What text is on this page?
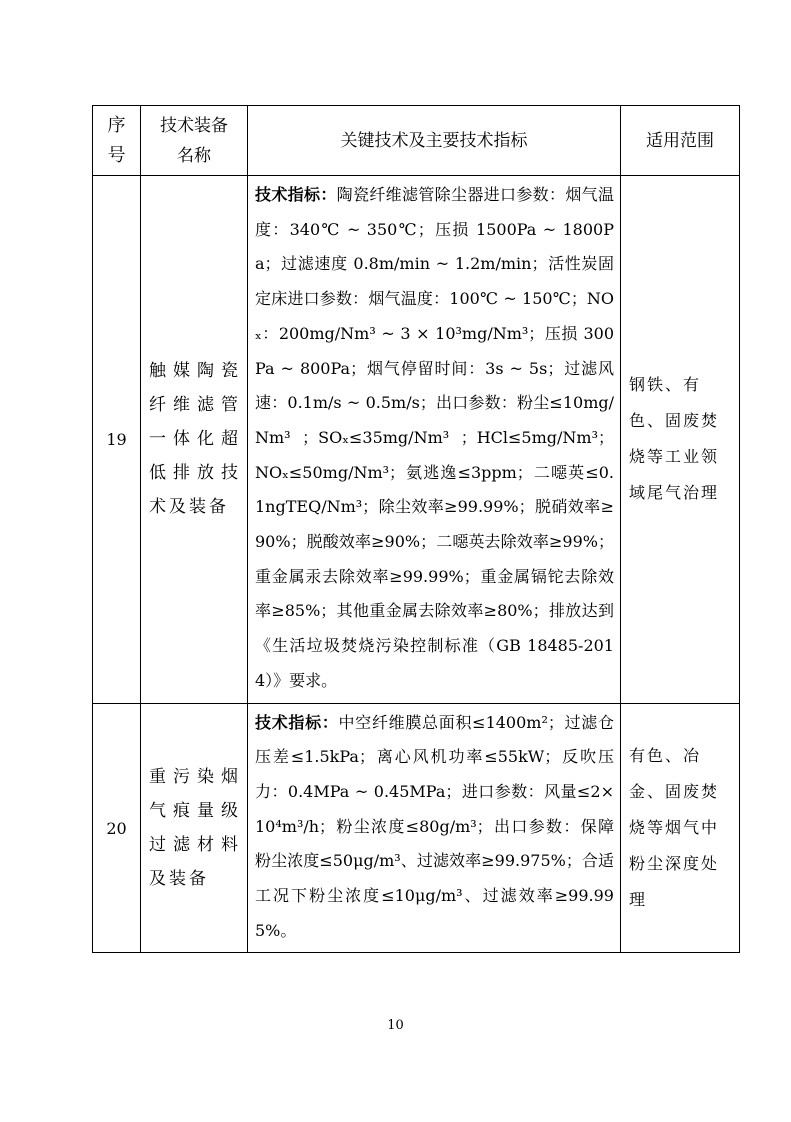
序号	技术装备名称	关键技术及主要技术指标	适用范围
19	触媒陶瓷纤维滤管一体化超低排放技术及装备	技术指标：陶瓷纤维滤管除尘器进口参数：烟气温度：340℃ ~ 350℃；压损 1500Pa ~ 1800Pa；过滤速度 0.8m/min ~ 1.2m/min；活性炭固定床进口参数：烟气温度：100℃ ~ 150℃；NOₓ：200mg/Nm³ ~ 3 × 10³mg/Nm³；压损 300Pa ~ 800Pa；烟气停留时间：3s ~ 5s；过滤风速：0.1m/s ~ 0.5m/s；出口参数：粉尘≤10mg/Nm³ ；SOₓ≤35mg/Nm³ ；HCl≤5mg/Nm³；NOₓ≤50mg/Nm³；氨逃逸≤3ppm；二噁英≤0.1ngTEQ/Nm³；除尘效率≥99.99%；脱硝效率≥90%；脱酸效率≥90%；二噁英去除效率≥99%；重金属汞去除效率≥99.99%；重金属镉铊去除效率≥85%；其他重金属去除效率≥80%；排放达到《生活垃圾焚烧污染控制标准（GB 18485-2014）》要求。	钢铁、有色、固废焚烧等工业领域尾气治理
20	重污染烟气痕量级过滤材料及装备	技术指标：中空纤维膜总面积≤1400m²；过滤仓压差≤1.5kPa；离心风机功率≤55kW；反吹压力：0.4MPa ~ 0.45MPa；进口参数：风量≤2×10⁴m³/h；粉尘浓度≤80g/m³；出口参数：保障粉尘浓度≤50μg/m³、过滤效率≥99.975%；合适工况下粉尘浓度≤10μg/m³、过滤效率≥99.995%。	有色、冶金、固废焚烧等烟气中粉尘深度处理
10
